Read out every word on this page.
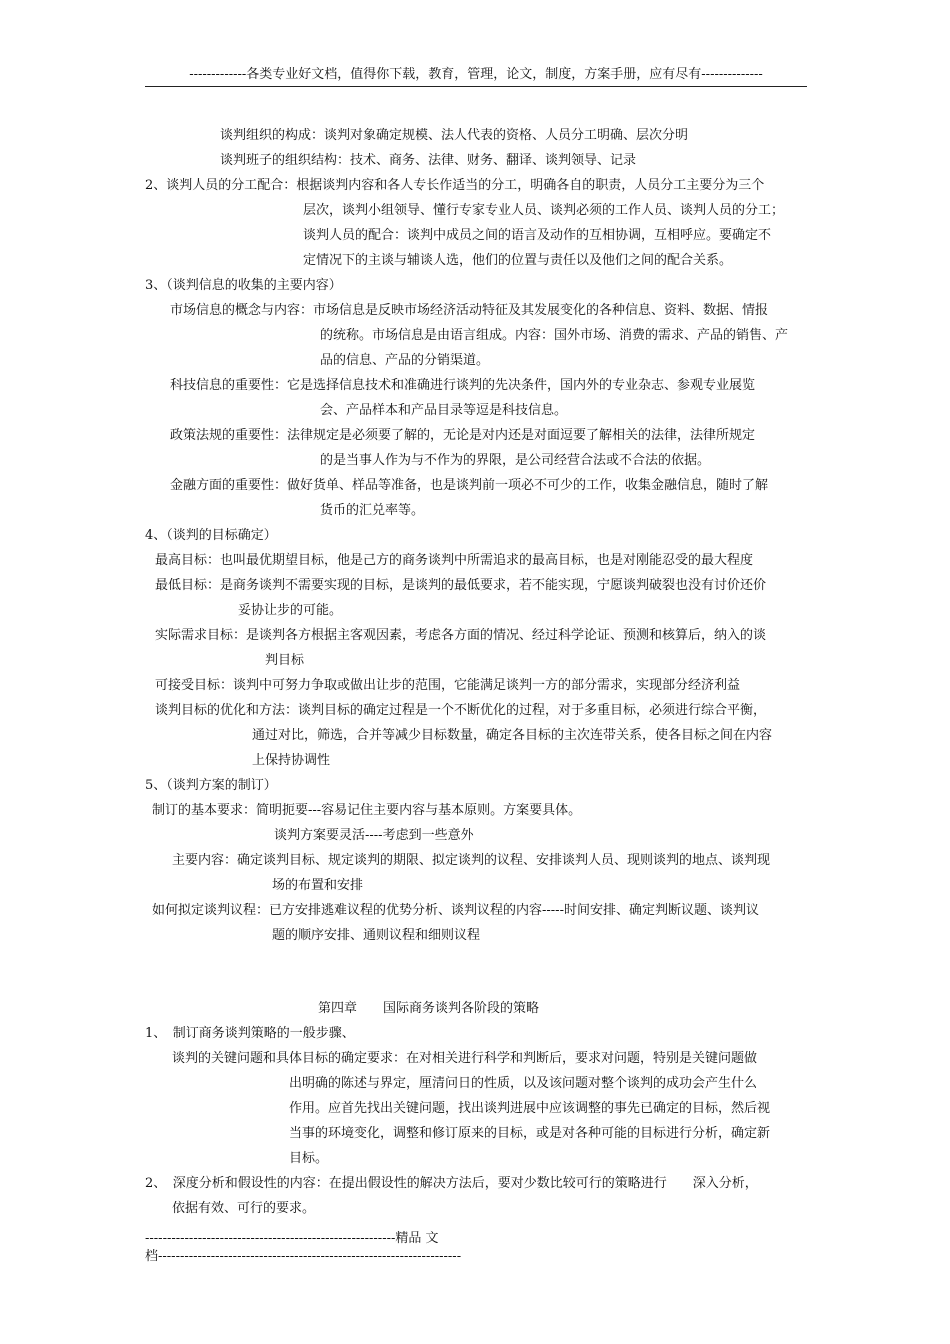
-------------各类专业好文档，值得你下载，教育，管理，论文，制度，方案手册，应有尽有--------------
谈判组织的构成：谈判对象确定规模、法人代表的资格、人员分工明确、层次分明
谈判班子的组织结构：技术、商务、法律、财务、翻译、谈判领导、记录
2、谈判人员的分工配合：根据谈判内容和各人专长作适当的分工，明确各自的职责，人员分工主要分为三个
层次，谈判小组领导、懂行专家专业人员、谈判必须的工作人员、谈判人员的分工；
谈判人员的配合：谈判中成员之间的语言及动作的互相协调，互相呼应。要确定不
定情况下的主谈与辅谈人选，他们的位置与责任以及他们之间的配合关系。
3、（谈判信息的收集的主要内容）
市场信息的概念与内容：市场信息是反映市场经济活动特征及其发展变化的各种信息、资料、数据、情报
的统称。市场信息是由语言组成。内容：国外市场、消费的需求、产品的销售、产
品的信息、产品的分销渠道。
科技信息的重要性：它是选择信息技术和准确进行谈判的先决条件，国内外的专业杂志、参观专业展览
会、产品样本和产品目录等逗是科技信息。
政策法规的重要性：法律规定是必须要了解的，无论是对内还是对面逗要了解相关的法律，法律所规定
的是当事人作为与不作为的界限，是公司经营合法或不合法的依据。
金融方面的重要性：做好货单、样品等准备，也是谈判前一项必不可少的工作，收集金融信息，随时了解
货币的汇兑率等。
4、（谈判的目标确定）
最高目标：也叫最优期望目标，他是己方的商务谈判中所需追求的最高目标，也是对刚能忍受的最大程度
最低目标：是商务谈判不需要实现的目标，是谈判的最低要求，若不能实现，宁愿谈判破裂也没有讨价还价
妥协让步的可能。
实际需求目标：是谈判各方根据主客观因素，考虑各方面的情况、经过科学论证、预测和核算后，纳入的谈
判目标
可接受目标：谈判中可努力争取或做出让步的范围，它能满足谈判一方的部分需求，实现部分经济利益
谈判目标的优化和方法：谈判目标的确定过程是一个不断优化的过程，对于多重目标，必须进行综合平衡，
通过对比，筛选，合并等减少目标数量，确定各目标的主次连带关系，使各目标之间在内容
上保持协调性
5、（谈判方案的制订）
制订的基本要求：简明扼要---容易记住主要内容与基本原则。方案要具体。
谈判方案要灵活----考虑到一些意外
主要内容：确定谈判目标、规定谈判的期限、拟定谈判的议程、安排谈判人员、现则谈判的地点、谈判现
场的布置和安排
如何拟定谈判议程：已方安排逃难议程的优势分析、谈判议程的内容-----时间安排、确定判断议题、谈判议
题的顺序安排、通则议程和细则议程
第四章　　国际商务谈判各阶段的策略
1、　制订商务谈判策略的一般步骤、
谈判的关键问题和具体目标的确定要求：在对相关进行科学和判断后，要求对问题，特别是关键问题做
出明确的陈述与界定，厘清问日的性质，以及该问题对整个谈判的成功会产生什么
作用。应首先找出关键问题，找出谈判进展中应该调整的事先已确定的目标，然后视
当事的环境变化，调整和修订原来的目标，或是对各种可能的目标进行分析，确定新
目标。
2、　深度分析和假设性的内容：在提出假设性的解决方法后，要对少数比较可行的策略进行　　深入分析，
依据有效、可行的要求。
---------------------------------------------------------精品 文
档---------------------------------------------------------------------
